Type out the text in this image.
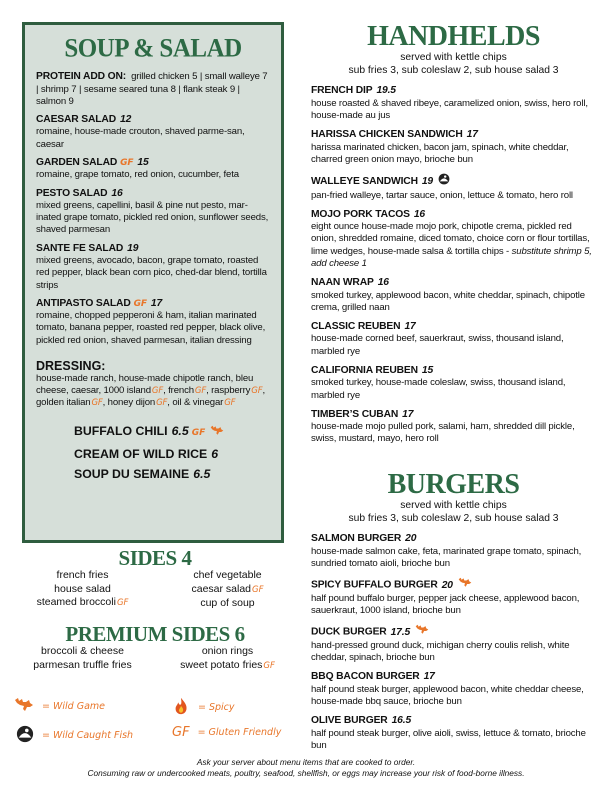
SOUP & SALAD
PROTEIN ADD ON: grilled chicken 5 | small walleye 7 | shrimp 7 | sesame seared tuna 8 | flank steak 9 | salmon 9
CAESAR SALAD 12
romaine, house-made crouton, shaved parme-san, caesar
GARDEN SALAD GF 15
romaine, grape tomato, red onion, cucumber, feta
PESTO SALAD 16
mixed greens, capellini, basil & pine nut pesto, mar-inated grape tomato, pickled red onion, sunflower seeds, shaved parmesan
SANTE FE SALAD 19
mixed greens, avocado, bacon, grape tomato, roasted red pepper, black bean corn pico, ched-dar blend, tortilla strips
ANTIPASTO SALAD GF 17
romaine, chopped pepperoni & ham, italian marinated tomato, banana pepper, roasted red pepper, black olive, pickled red onion, shaved parmesan, italian dressing
DRESSING:
house-made ranch, house-made chipotle ranch, bleu cheese, caesar, 1000 islandGF, frenchGF, raspberryGF, golden italianGF, honey dijonGF, oil & vinegarGF
BUFFALO CHILI 6.5 GF
CREAM OF WILD RICE 6
SOUP DU SEMAINE 6.5
SIDES 4
french fries
house salad
steamed broccoliGF
chef vegetable
caesar saladGF
cup of soup
PREMIUM SIDES 6
broccoli & cheese
parmesan truffle fries
onion rings
sweet potato friesGF
= Wild Game	= Spicy
= Wild Caught Fish	GF = Gluten Friendly
HANDHELDS
served with kettle chips
sub fries 3, sub coleslaw 2, sub house salad 3
FRENCH DIP 19.5
house roasted & shaved ribeye, caramelized onion, swiss, hero roll, house-made au jus
HARISSA CHICKEN SANDWICH 17
harissa marinated chicken, bacon jam, spinach, white cheddar, charred green onion mayo, brioche bun
WALLEYE SANDWICH 19
pan-fried walleye, tartar sauce, onion, lettuce & tomato, hero roll
MOJO PORK TACOS 16
eight ounce house-made mojo pork, chipotle crema, pickled red onion, shredded romaine, diced tomato, choice corn or flour tortillas, lime wedges, house-made salsa & tortilla chips - substitute shrimp 5, add cheese 1
NAAN WRAP 16
smoked turkey, applewood bacon, white cheddar, spinach, chipotle crema, grilled naan
CLASSIC REUBEN 17
house-made corned beef, sauerkraut, swiss, thousand island, marbled rye
CALIFORNIA REUBEN 15
smoked turkey, house-made coleslaw, swiss, thousand island, marbled rye
TIMBER’S CUBAN 17
house-made mojo pulled pork, salami, ham, shredded dill pickle, swiss, mustard, mayo, hero roll
BURGERS
served with kettle chips
sub fries 3, sub coleslaw 2, sub house salad 3
SALMON BURGER 20
house-made salmon cake, feta, marinated grape tomato, spinach, sundried tomato aioli, brioche bun
SPICY BUFFALO BURGER 20
half pound buffalo burger, pepper jack cheese, applewood bacon, sauerkraut, 1000 island, brioche bun
DUCK BURGER 17.5
hand-pressed ground duck, michigan cherry coulis relish, white cheddar, spinach, brioche bun
BBQ BACON BURGER 17
half pound steak burger, applewood bacon, white cheddar cheese, house-made bbq sauce, brioche bun
OLIVE BURGER 16.5
half pound steak burger, olive aioli, swiss, lettuce & tomato, brioche bun
Ask your server about menu items that are cooked to order.
Consuming raw or undercooked meats, poultry, seafood, shellfish, or eggs may increase your risk of food-borne illness.
